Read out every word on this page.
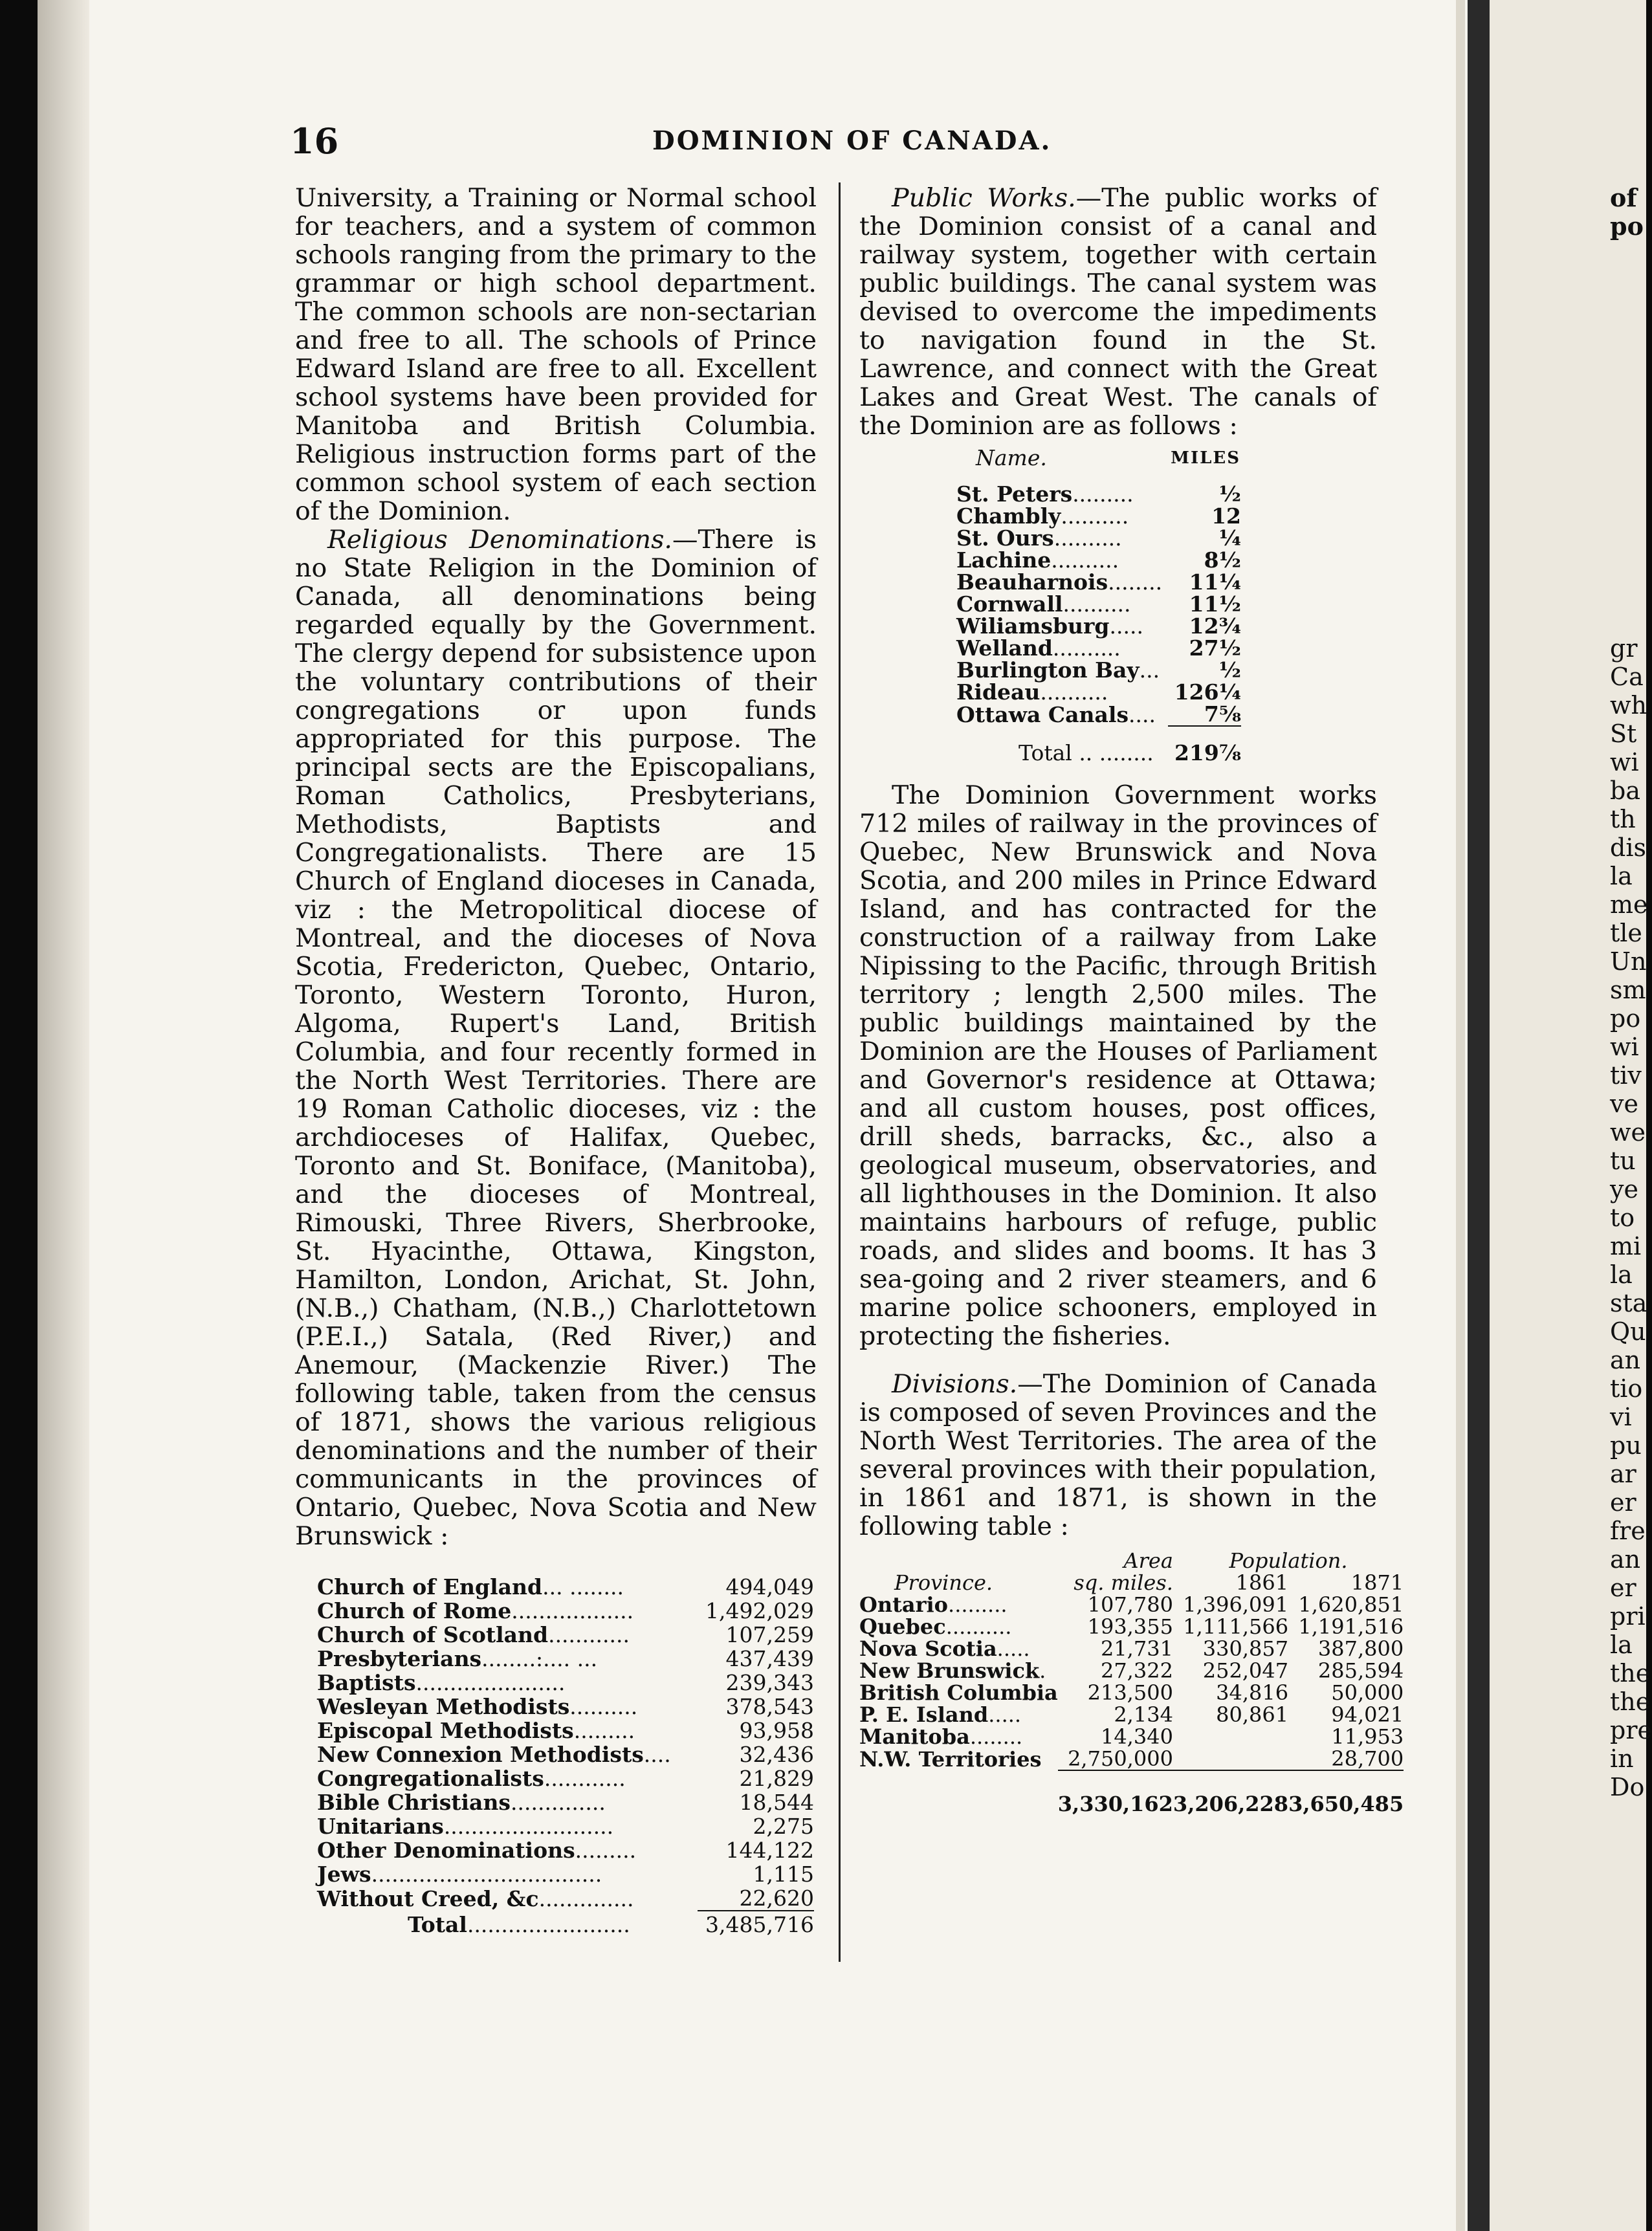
of
po
gr
Ca
wh
St
wi
ba
th
dis
la
me
tle
Un
sm
po
wi
tiv
ve
we
tu
ye
to
mi
la
sta
Qu
an
tio
vi
pu
ar
er
fre
an
er
pri
la
the
the
pre
in
Do
16	DOMINION OF CANADA.

University, a Training or Normal school for teachers, and a system of common schools ranging from the primary to the grammar or high school department. The common schools are non-sectarian and free to all. The schools of Prince Edward Island are free to all. Excellent school systems have been provided for Manitoba and British Columbia. Religious instruction forms part of the common school system of each section of the Dominion.

Religious Denominations.—There is no State Religion in the Dominion of Canada, all denominations being regarded equally by the Government. The clergy depend for subsistence upon the voluntary contributions of their congregations or upon funds appropriated for this purpose. The principal sects are the Episcopalians, Roman Catholics, Presbyterians, Methodists, Baptists and Congregationalists. There are 15 Church of England dioceses in Canada, viz : the Metropolitical diocese of Montreal, and the dioceses of Nova Scotia, Fredericton, Quebec, Ontario, Toronto, Western Toronto, Huron, Algoma, Rupert's Land, British Columbia, and four recently formed in the North West Territories. There are 19 Roman Catholic dioceses, viz : the archdioceses of Halifax, Quebec, Toronto and St. Boniface, (Manitoba), and the dioceses of Montreal, Rimouski, Three Rivers, Sherbrooke, St. Hyacinthe, Ottawa, Kingston, Hamilton, London, Arichat, St. John, (N.B.,) Chatham, (N.B.,) Charlottetown (P.E.I.,) Satala, (Red River,) and Anemour, (Mackenzie River.) The following table, taken from the census of 1871, shows the various religious denominations and the number of their communicants in the provinces of Ontario, Quebec, Nova Scotia and New Brunswick :

Church of England... ........	494,049
Church of Rome..................	1,492,029
Church of Scotland............	107,259
Presbyterians........:.... ...	437,439
Baptists......................	239,343
Wesleyan Methodists..........	378,543
Episcopal Methodists.........	93,958
New Connexion Methodists....	32,436
Congregationalists............	21,829
Bible Christians..............	18,544
Unitarians.........................	2,275
Other Denominations.........	144,122
Jews..................................	1,115
Without Creed, &c..............	22,620
Total........................	3,485,716

Public Works.—The public works of the Dominion consist of a canal and railway system, together with certain public buildings. The canal system was devised to overcome the impediments to navigation found in the St. Lawrence, and connect with the Great Lakes and Great West. The canals of the Dominion are as follows :

Name.	MILES
St. Peters.........	½
Chambly..........	12
St. Ours..........	¼
Lachine..........	8½
Beauharnois........	11¼
Cornwall..........	11½
Wiliamsburg.....	12¾
Welland..........	27½
Burlington Bay...	½
Rideau..........	126¼
Ottawa Canals....	7⅝
Total .. ........	219⅞

The Dominion Government works 712 miles of railway in the provinces of Quebec, New Brunswick and Nova Scotia, and 200 miles in Prince Edward Island, and has contracted for the construction of a railway from Lake Nipissing to the Pacific, through British territory ; length 2,500 miles. The public buildings maintained by the Dominion are the Houses of Parliament and Governor's residence at Ottawa; and all custom houses, post offices, drill sheds, barracks, &c., also a geological museum, observatories, and all lighthouses in the Dominion. It also maintains harbours of refuge, public roads, and slides and booms. It has 3 sea-going and 2 river steamers, and 6 marine police schooners, employed in protecting the fisheries.

Divisions.—The Dominion of Canada is composed of seven Provinces and the North West Territories. The area of the several provinces with their population, in 1861 and 1871, is shown in the following table :

	Area	Population.	
Province.	sq. miles.	1861	1871
Ontario.........	107,780	1,396,091	1,620,851
Quebec..........	193,355	1,111,566	1,191,516
Nova Scotia.....	21,731	330,857	387,800
New Brunswick.	27,322	252,047	285,594
British Columbia	213,500	34,816	50,000
P. E. Island.....	2,134	80,861	94,021
Manitoba........	14,340		11,953
N.W. Territories	2,750,000		28,700
	3,330,162	3,206,228	3,650,485
